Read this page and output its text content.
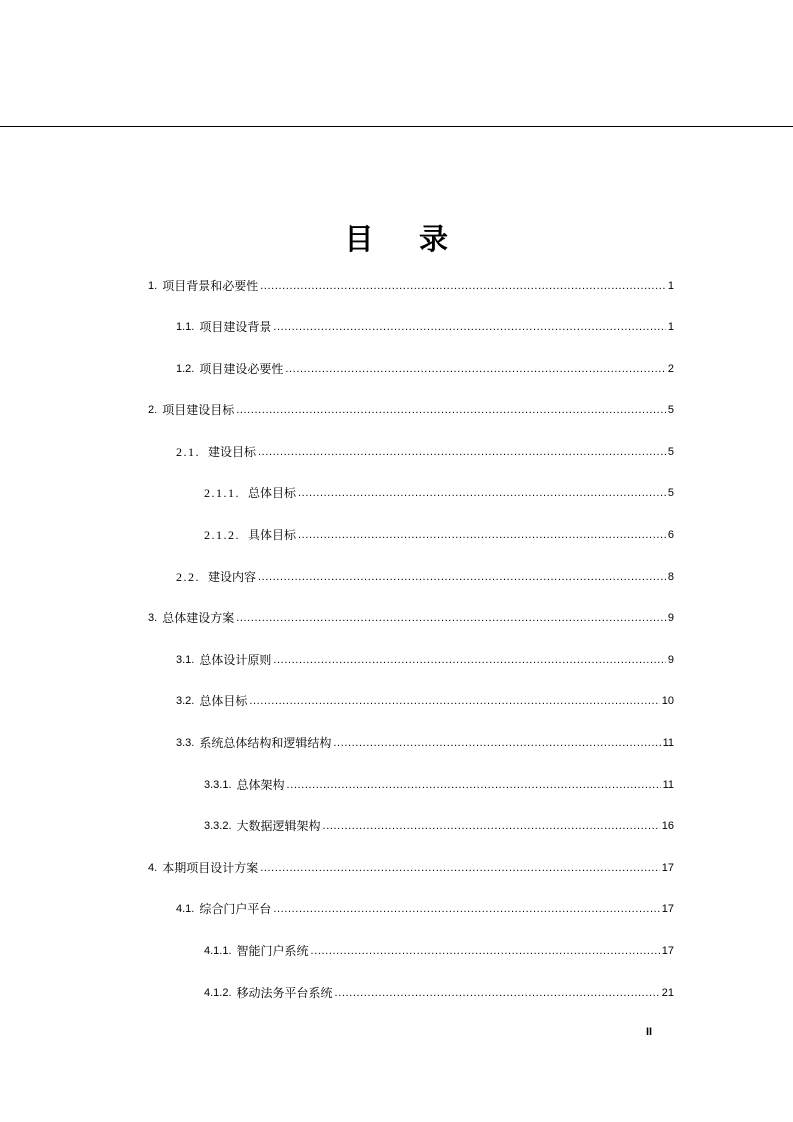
目 录
1. 项目背景和必要性 .....	1
1.1. 项目建设背景 .....	1
1.2. 项目建设必要性 .....	2
2. 项目建设目标 .....	5
2.1. 建设目标 .....	5
2.1.1. 总体目标 .....	5
2.1.2. 具体目标 .....	6
2.2. 建设内容 .....	8
3. 总体建设方案 .....	9
3.1. 总体设计原则 .....	9
3.2. 总体目标 .....	10
3.3. 系统总体结构和逻辑结构 .....	11
3.3.1. 总体架构 .....	11
3.3.2. 大数据逻辑架构 .....	16
4. 本期项目设计方案 .....	17
4.1. 综合门户平台 .....	17
4.1.1. 智能门户系统 .....	17
4.1.2. 移动法务平台系统 .....	21
II
